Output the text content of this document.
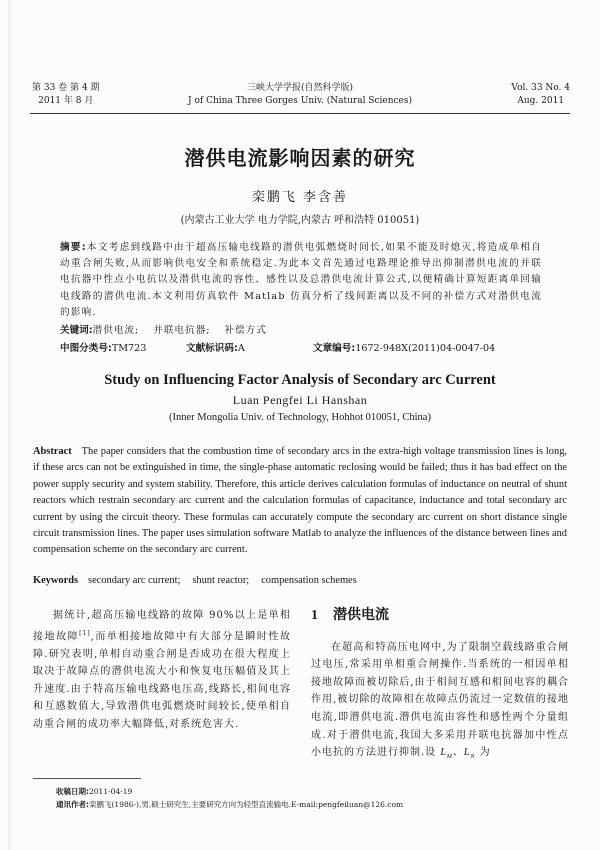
第 33 卷 第 4 期
2011 年 8 月
三峡大学学报(自然科学版)
J of China Three Gorges Univ. (Natural Sciences)
Vol. 33 No. 4
Aug. 2011
潜供电流影响因素的研究
栾鹏飞 李含善
(内蒙古工业大学 电力学院,内蒙古 呼和浩特 010051)
摘要:本文考虑到线路中由于超高压输电线路的潜供电弧燃烧时间长,如果不能及时熄灭,将造成单相自动重合闸失败,从而影响供电安全和系统稳定.为此本文首先通过电路理论推导出抑制潜供电流的并联电抗器中性点小电抗以及潜供电流的容性、感性以及总潜供电流计算公式,以便精确计算短距离单回输电线路的潜供电流.本文利用仿真软件 Matlab 仿真分析了线间距离以及不同的补偿方式对潜供电流的影响.
关键词:潜供电流; 并联电抗器; 补偿方式
中图分类号:TM723	文献标识码:A	文章编号:1672-948X(2011)04-0047-04
Study on Influencing Factor Analysis of Secondary arc Current
Luan Pengfei Li Hanshan
(Inner Mongolia Univ. of Technology, Hohhot 010051, China)
Abstract The paper considers that the combustion time of secondary arcs in the extra-high voltage transmission lines is long, if these arcs can not be extinguished in time, the single-phase automatic reclosing would be failed; thus it has bad effect on the power supply security and system stability. Therefore, this article derives calculation formulas of inductance on neutral of shunt reactors which restrain secondary arc current and the calculation formulas of capacitance, inductance and total secondary arc current by using the circuit theory. These formulas can accurately compute the secondary arc current on short distance single circuit transmission lines. The paper uses simulation software Matlab to analyze the influences of the distance between lines and compensation scheme on the secondary arc current.
Keywords secondary arc current; shunt reactor; compensation schemes

据统计,超高压输电线路的故障 90%以上是单相接地故障[1],而单相接地故障中有大部分是瞬时性故障.研究表明,单相自动重合闸是否成功在很大程度上取决于故障点的潜供电流大小和恢复电压幅值及其上升速度.由于特高压输电线路电压高,线路长,相间电容和互感数值大,导致潜供电弧燃烧时间较长,使单相自动重合闸的成功率大幅降低,对系统危害大.

1 潜供电流

在超高和特高压电网中,为了限制空载线路重合闸过电压,常采用单相重合闸操作.当系统的一相因单相接地故障而被切除后,由于相间互感和相间电容的耦合作用,被切除的故障相在故障点仍流过一定数值的接地电流,即潜供电流.潜供电流由容性和感性两个分量组成.对于潜供电流,我国大多采用并联电抗器加中性点小电抗的方法进行抑制.设 $L_M$、$L_N$ 为

收稿日期:2011-04-19
通讯作者:栾鹏飞(1986-),男,硕士研究生,主要研究方向为轻型直流输电.E-mail:pengfeiluan@126.com
